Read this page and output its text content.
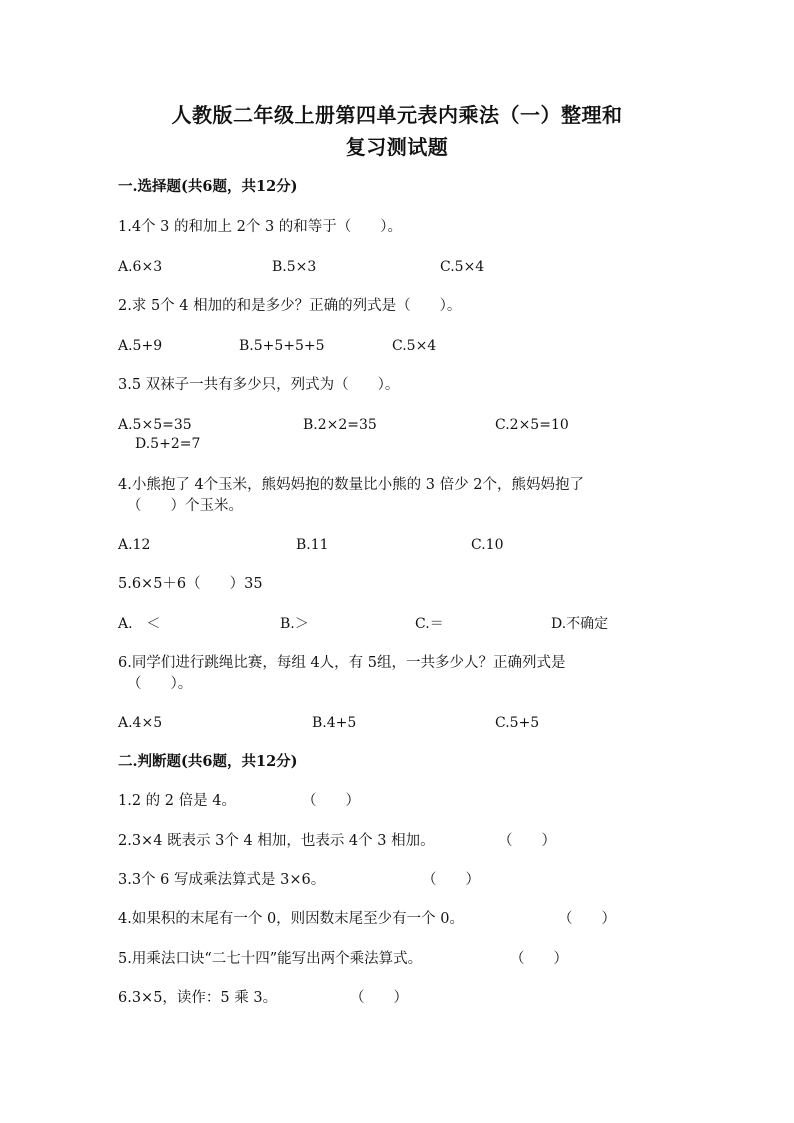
人教版二年级上册第四单元表内乘法（一）整理和
复习测试题
一.选择题(共6题，共12分)
1.4个 3 的和加上 2个 3 的和等于（　　）。
A.6×3	B.5×3	C.5×4
2.求 5个 4 相加的和是多少？正确的列式是（　　）。
A.5+9	B.5+5+5+5	C.5×4
3.5 双袜子一共有多少只，列式为（　　）。
A.5×5=35	B.2×2=35	C.2×5=10
D.5+2=7
4.小熊抱了 4个玉米，熊妈妈抱的数量比小熊的 3 倍少 2个，熊妈妈抱了
（　　）个玉米。
A.12	B.11	C.10
5.6×5＋6（　　）35
A.　＜	B.＞	C.＝	D.不确定
6.同学们进行跳绳比赛，每组 4人，有 5组，一共多少人？正确列式是
（　　）。
A.4×5	B.4+5	C.5+5
二.判断题(共6题，共12分)
1.2 的 2 倍是 4。	（　　）
2.3×4 既表示 3个 4 相加，也表示 4个 3 相加。	（　　）
3.3个 6 写成乘法算式是 3×6。	（　　）
4.如果积的末尾有一个 0，则因数末尾至少有一个 0。	（　　）
5.用乘法口诀“二七十四”能写出两个乘法算式。	（　　）
6.3×5，读作：5 乘 3。	（　　）
